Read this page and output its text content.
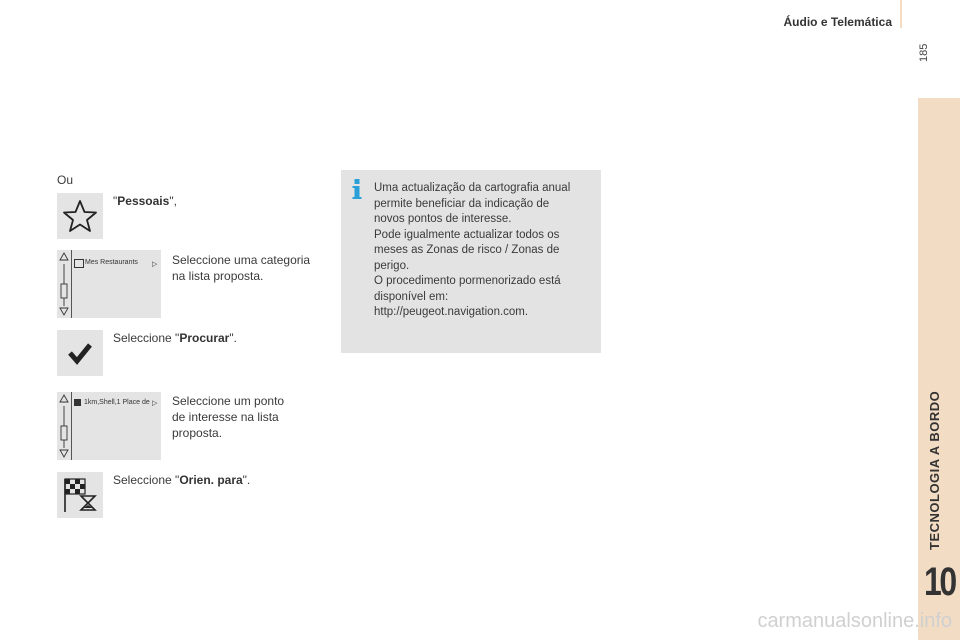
Áudio e Telemática
185
TECNOLOGIA A BORDO
10
Ou
"Pessoais",
Mes Restaurants ▷ Seleccione uma categoria
na lista proposta.
Seleccione "Procurar".
1km,Shell,1 Place de ▷ Seleccione um ponto
de interesse na lista
proposta.
Seleccione "Orien. para".
Uma actualização da cartografia anual
permite beneficiar da indicação de
novos pontos de interesse.
Pode igualmente actualizar todos os
meses as Zonas de risco / Zonas de
perigo.
O procedimento pormenorizado está
disponível em:
http://peugeot.navigation.com.
carmanualsonline.info
